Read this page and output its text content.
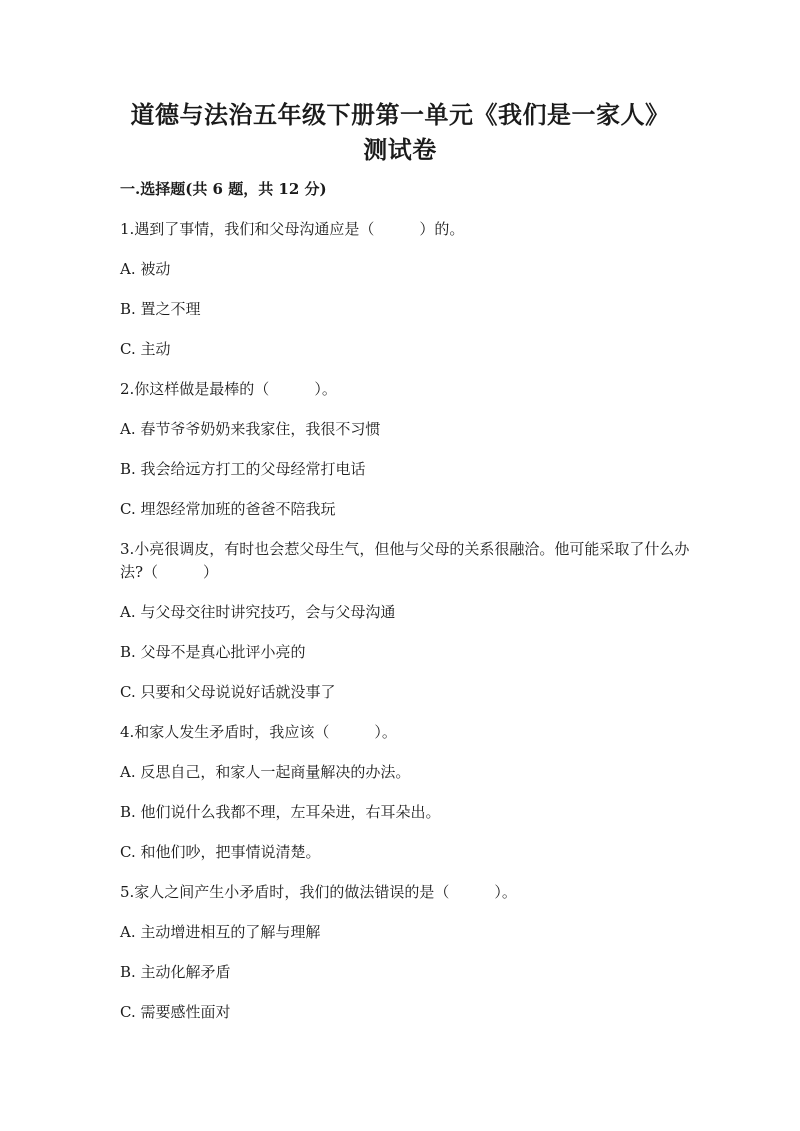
道德与法治五年级下册第一单元《我们是一家人》
测试卷
一.选择题(共 6 题，共 12 分)

1.遇到了事情，我们和父母沟通应是（　　　）的。

A. 被动

B. 置之不理

C. 主动

2.你这样做是最棒的（　　　）。

A. 春节爷爷奶奶来我家住，我很不习惯

B. 我会给远方打工的父母经常打电话

C. 埋怨经常加班的爸爸不陪我玩

3.小亮很调皮，有时也会惹父母生气，但他与父母的关系很融洽。他可能采取了什么办法?（　　　）

A. 与父母交往时讲究技巧，会与父母沟通

B. 父母不是真心批评小亮的

C. 只要和父母说说好话就没事了

4.和家人发生矛盾时，我应该（　　　）。

A. 反思自己，和家人一起商量解决的办法。

B. 他们说什么我都不理，左耳朵进，右耳朵出。

C. 和他们吵，把事情说清楚。

5.家人之间产生小矛盾时，我们的做法错误的是（　　　）。

A. 主动增进相互的了解与理解

B. 主动化解矛盾

C. 需要感性面对
